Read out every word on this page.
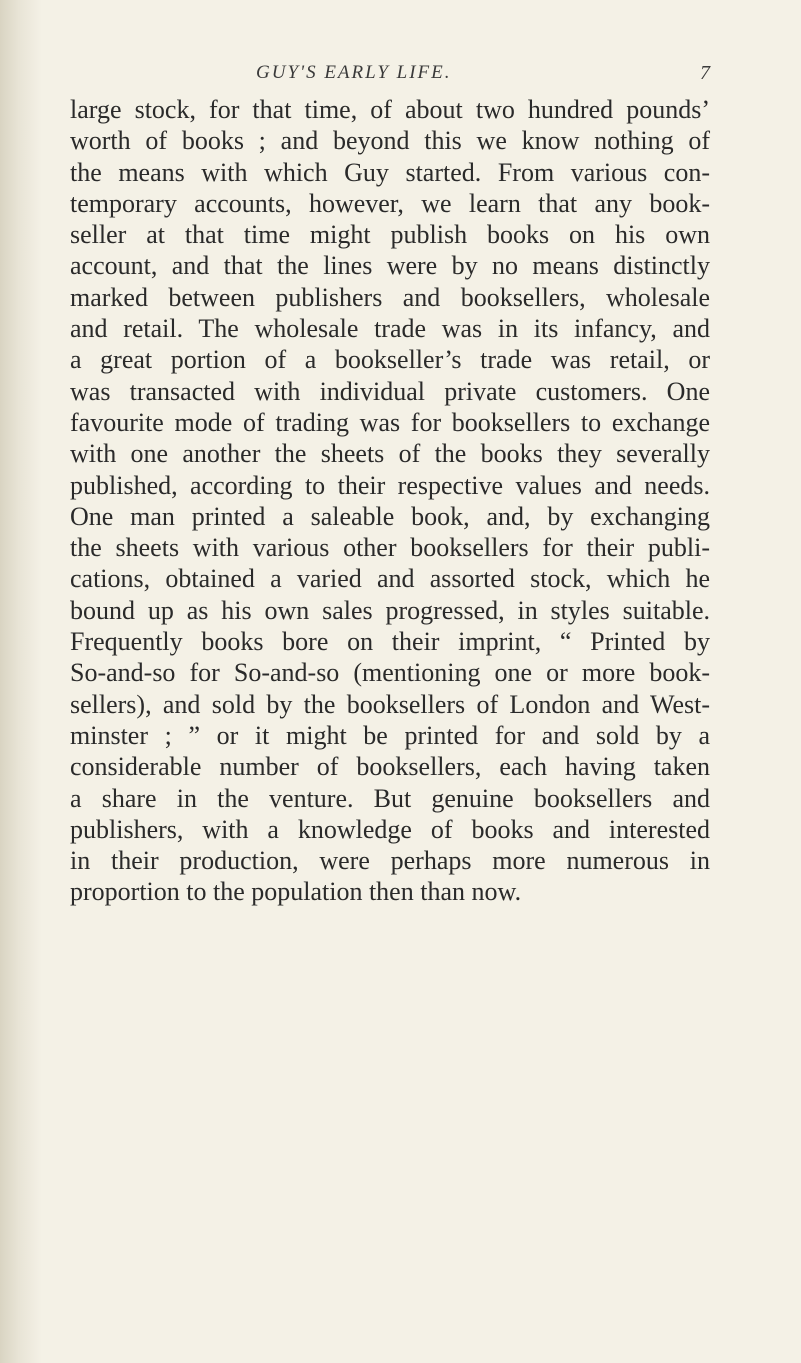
GUY'S EARLY LIFE.	7
large stock, for that time, of about two hundred pounds’
worth of books ; and beyond this we know nothing of
the means with which Guy started. From various con-
temporary accounts, however, we learn that any book-
seller at that time might publish books on his own
account, and that the lines were by no means distinctly
marked between publishers and booksellers, wholesale
and retail. The wholesale trade was in its infancy, and
a great portion of a bookseller’s trade was retail, or
was transacted with individual private customers. One
favourite mode of trading was for booksellers to exchange
with one another the sheets of the books they severally
published, according to their respective values and needs.
One man printed a saleable book, and, by exchanging
the sheets with various other booksellers for their publi-
cations, obtained a varied and assorted stock, which he
bound up as his own sales progressed, in styles suitable.
Frequently books bore on their imprint, “ Printed by
So-and-so for So-and-so (mentioning one or more book-
sellers), and sold by the booksellers of London and West-
minster ; ” or it might be printed for and sold by a
considerable number of booksellers, each having taken
a share in the venture. But genuine booksellers and
publishers, with a knowledge of books and interested
in their production, were perhaps more numerous in
proportion to the population then than now.
